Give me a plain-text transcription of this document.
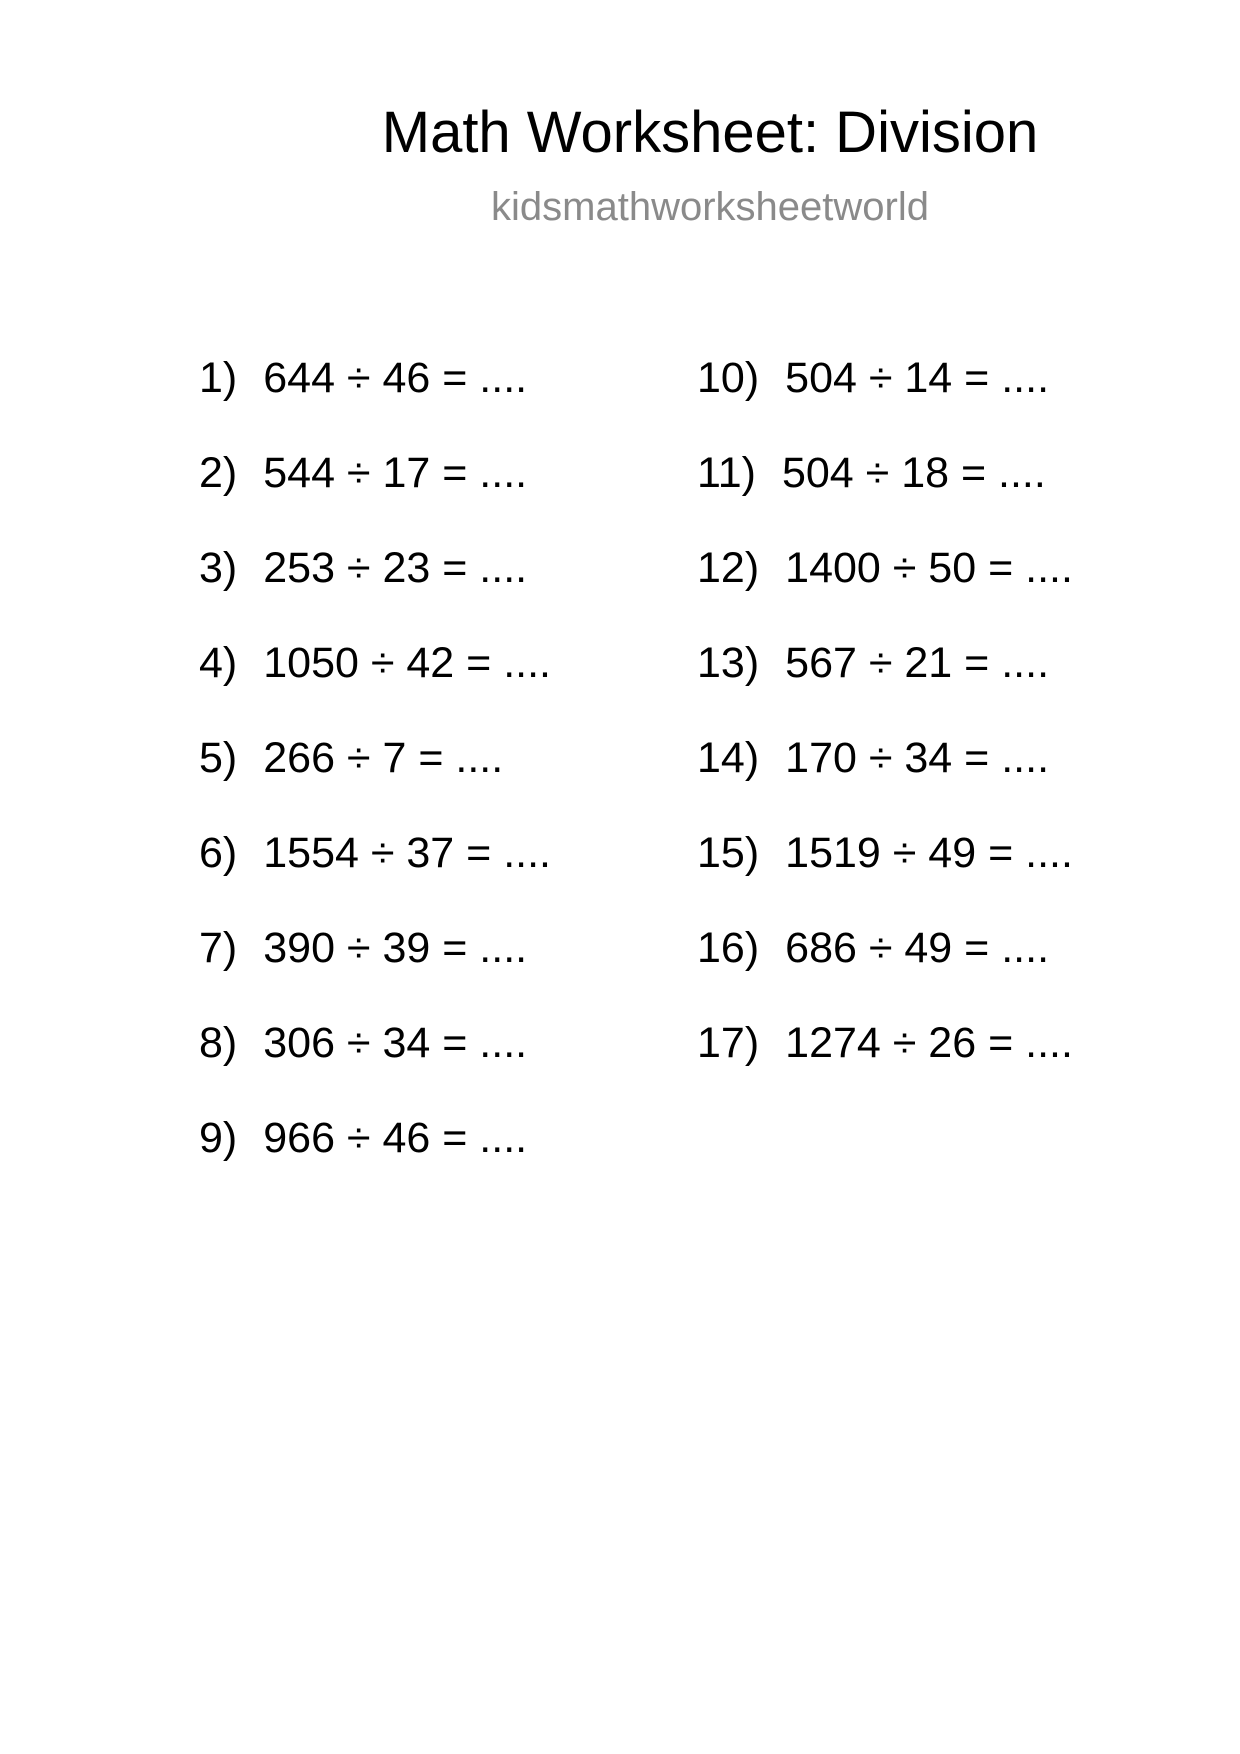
Math Worksheet: Division
kidsmathworksheetworld
1) 644 ÷ 46 = ....
2) 544 ÷ 17 = ....
3) 253 ÷ 23 = ....
4) 1050 ÷ 42 = ....
5) 266 ÷ 7 = ....
6) 1554 ÷ 37 = ....
7) 390 ÷ 39 = ....
8) 306 ÷ 34 = ....
9) 966 ÷ 46 = ....
10) 504 ÷ 14 = ....
11) 504 ÷ 18 = ....
12) 1400 ÷ 50 = ....
13) 567 ÷ 21 = ....
14) 170 ÷ 34 = ....
15) 1519 ÷ 49 = ....
16) 686 ÷ 49 = ....
17) 1274 ÷ 26 = ....
